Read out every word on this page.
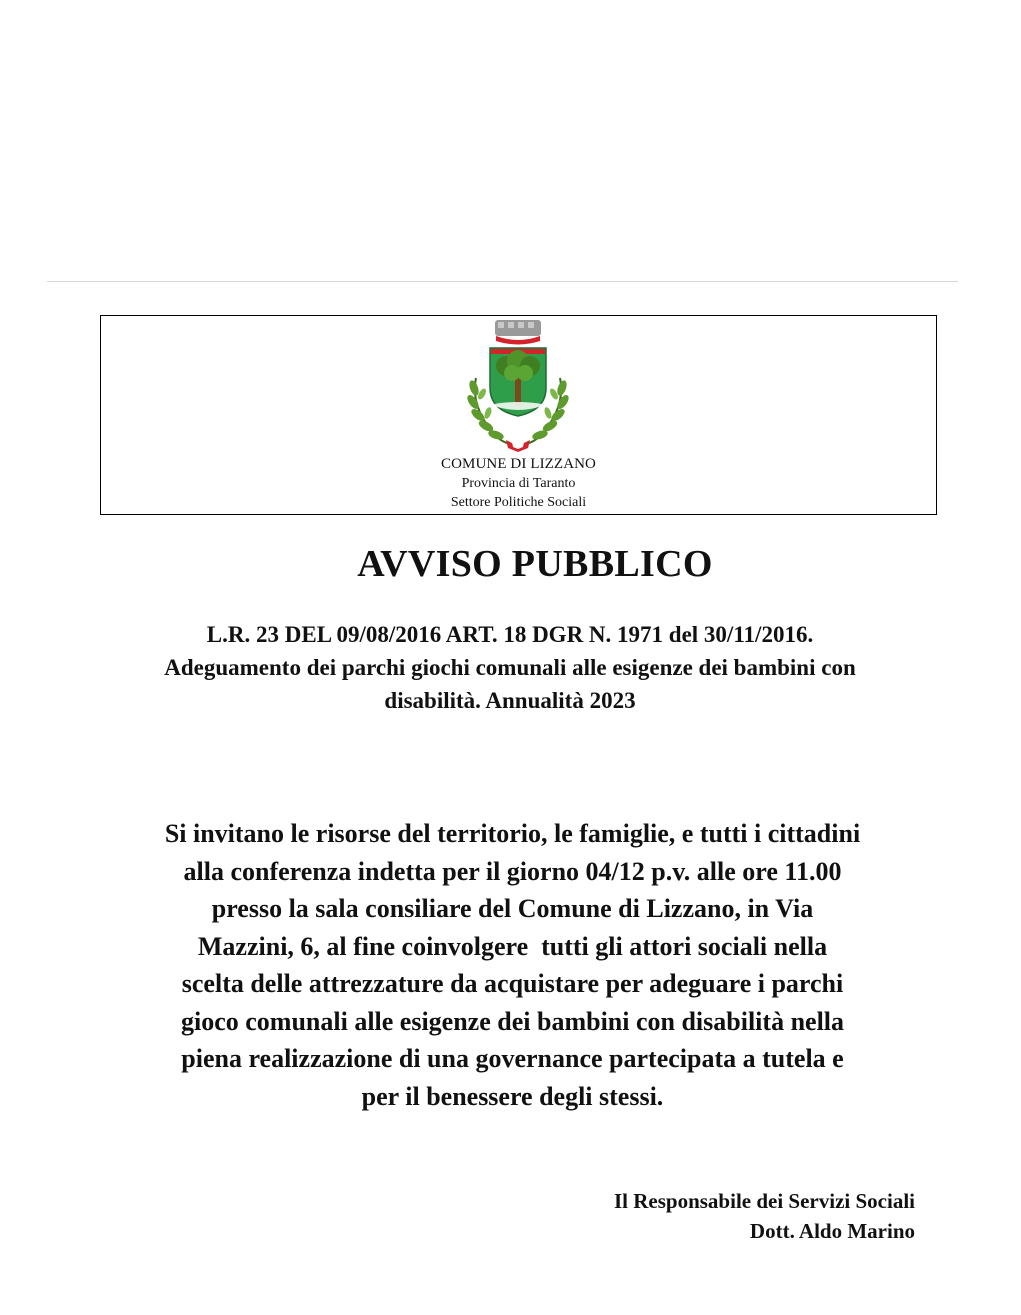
COMUNE DI LIZZANO
Provincia di Taranto
Settore Politiche Sociali
AVVISO PUBBLICO
L.R. 23 DEL 09/08/2016 ART. 18 DGR N. 1971 del 30/11/2016.
Adeguamento dei parchi giochi comunali alle esigenze dei bambini con
disabilità. Annualità 2023
Si invitano le risorse del territorio, le famiglie, e tutti i cittadini
alla conferenza indetta per il giorno 04/12 p.v. alle ore 11.00
presso la sala consiliare del Comune di Lizzano, in Via
Mazzini, 6, al fine coinvolgere  tutti gli attori sociali nella
scelta delle attrezzature da acquistare per adeguare i parchi
gioco comunali alle esigenze dei bambini con disabilità nella
piena realizzazione di una governance partecipata a tutela e
per il benessere degli stessi.
Il Responsabile dei Servizi Sociali
Dott. Aldo Marino
